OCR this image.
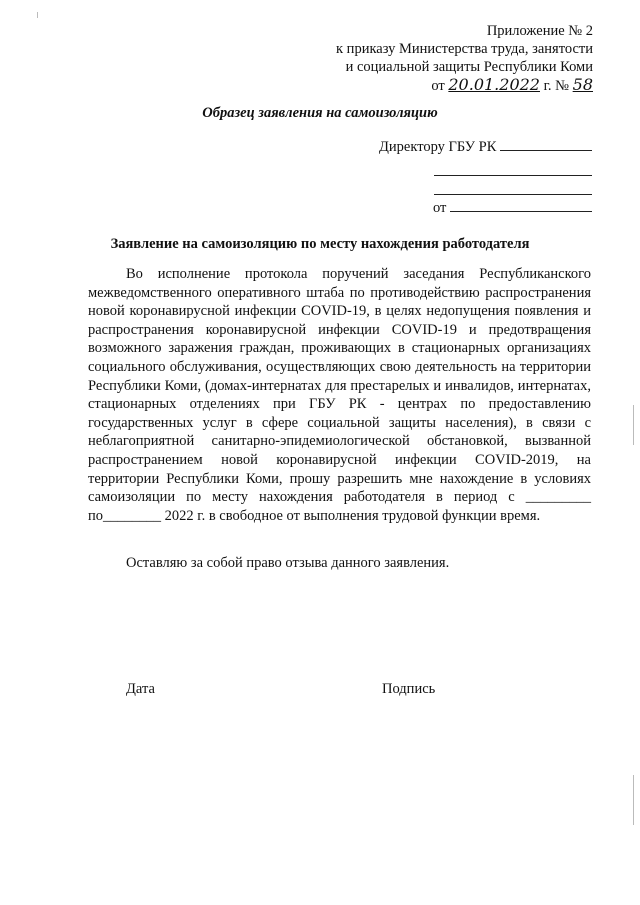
Приложение № 2
к приказу Министерства труда, занятости
и социальной защиты Республики Коми
от 20.01.2022 г. № 58
Образец заявления на самоизоляцию
Директору ГБУ РК
от
Заявление на самоизоляцию по месту нахождения работодателя

Во исполнение протокола поручений заседания Республиканского межведомственного оперативного штаба по противодействию распространения новой коронавирусной инфекции COVID-19, в целях недопущения появления и распространения коронавирусной инфекции COVID-19 и предотвращения возможного заражения граждан, проживающих в стационарных организациях социального обслуживания, осуществляющих свою деятельность на территории Республики Коми, (домах-интернатах для престарелых и инвалидов, интернатах, стационарных отделениях при ГБУ РК - центрах по предоставлению государственных услуг в сфере социальной защиты населения), в связи с неблагоприятной санитарно-эпидемиологической обстановкой, вызванной распространением новой коронавирусной инфекции COVID-2019, на территории Республики Коми, прошу разрешить мне нахождение в условиях самоизоляции по месту нахождения работодателя в период с _________ по________ 2022 г. в свободное от выполнения трудовой функции время.

Оставляю за собой право отзыва данного заявления.
Дата	Подпись
